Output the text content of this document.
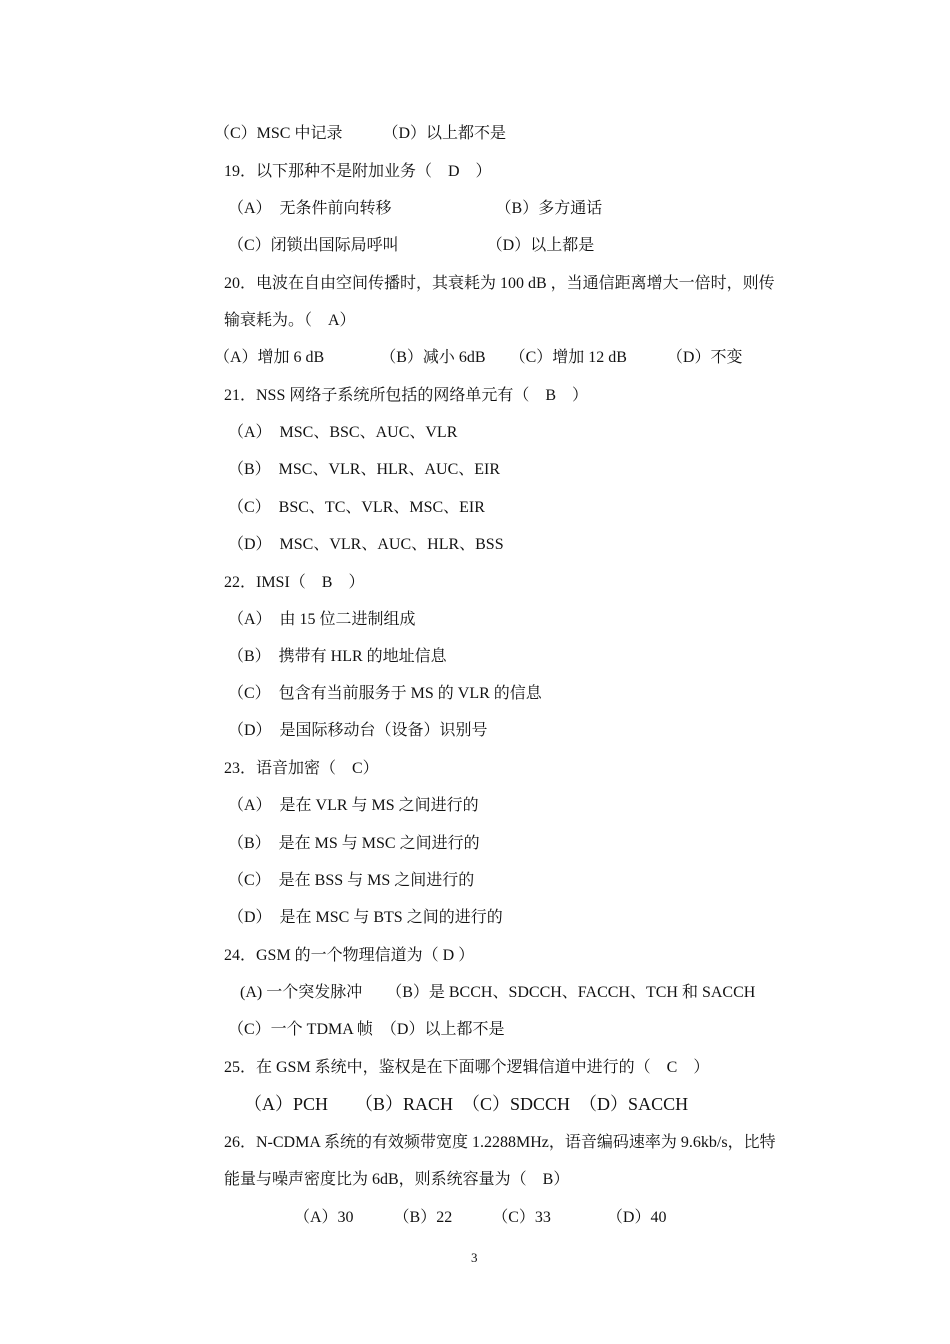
（C）MSC 中记录　　　（D）以上都不是
19．以下那种不是附加业务（　D　）
（A）　无条件前向转移　　　　　　　（B）多方通话
（C）闭锁出国际局呼叫　　　　　　（D）以上都是
20．电波在自由空间传播时，其衰耗为 100 dB ，当通信距离增大一倍时，则传
输衰耗为。（　A）
（A）增加 6 dB　　　　（B）减小 6dB　　（C）增加 12 dB　　　（D）不变
21．NSS 网络子系统所包括的网络单元有（　B　）
（A）　MSC、BSC、AUC、VLR
（B）　MSC、VLR、HLR、AUC、EIR
（C）　BSC、TC、VLR、MSC、EIR
（D）　MSC、VLR、AUC、HLR、BSS
22．IMSI（　B　）
（A）　由 15 位二进制组成
（B）　携带有 HLR 的地址信息
（C）　包含有当前服务于 MS 的 VLR 的信息
（D）　是国际移动台（设备）识别号
23．语音加密（　C）
（A）　是在 VLR 与 MS 之间进行的
（B）　是在 MS 与 MSC 之间进行的
（C）　是在 BSS 与 MS 之间进行的
（D）　是在 MSC 与 BTS 之间的进行的
24．GSM 的一个物理信道为（ D ）
(A) 一个突发脉冲　　（B）是 BCCH、SDCCH、FACCH、TCH 和 SACCH
（C）一个 TDMA 帧　（D）以上都不是
25．在 GSM 系统中，鉴权是在下面哪个逻辑信道中进行的（　C　）
（A）PCH　　（B）RACH　（C）SDCCH　（D）SACCH
26．N-CDMA 系统的有效频带宽度 1.2288MHz，语音编码速率为 9.6kb/s，比特
能量与噪声密度比为 6dB，则系统容量为（　B）
（A）30　　　（B）22　　　（C）33　　　　（D）40
3
